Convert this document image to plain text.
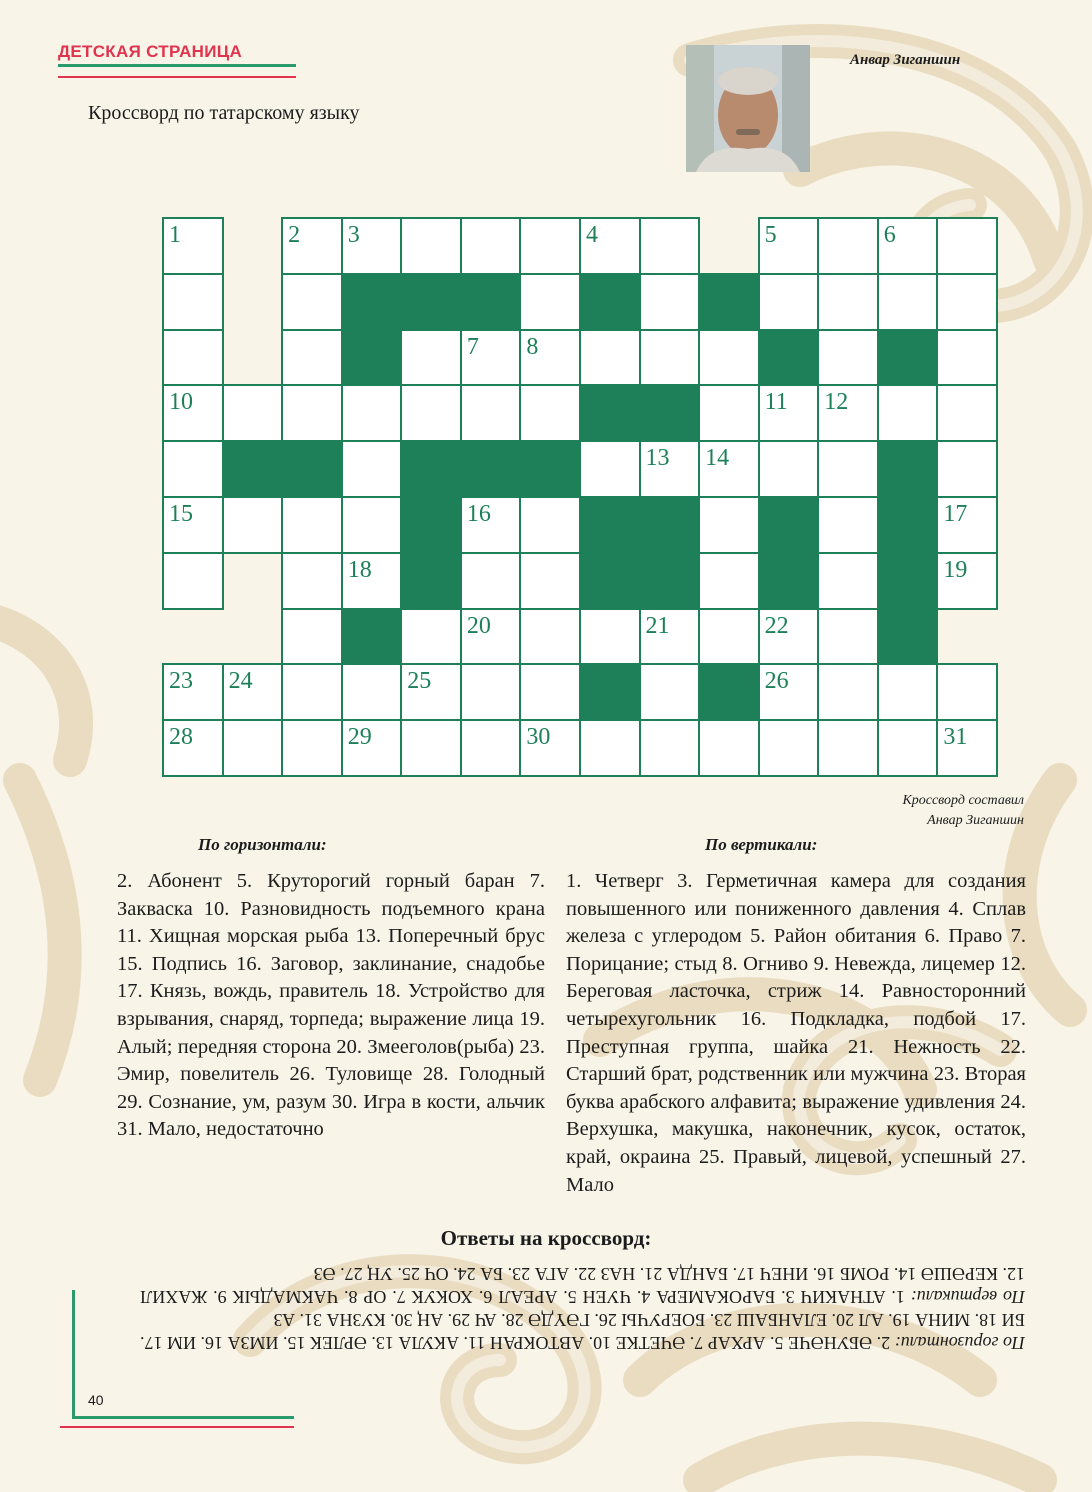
ДЕТСКАЯ СТРАНИЦА
Кроссворд по татарскому языку
Анвар Зиганшин
1		2	3				4			5		6	

					7	8							

10										11	12		

								13	14				

15					16								17

			18										19

					20			21		22			

23	24			25						26			

28			29			30							31
Кроссворд составил
Анвар Зиганшин
По горизонтали:	По вертикали:
2. Абонент 5. Круторогий горный баран 7. Закваска 10. Разновидность подъемного крана 11. Хищная морская рыба 13. Поперечный брус 15. Подпись 16. Заговор, заклинание, снадобье 17. Князь, вождь, правитель 18. Устройство для взрывания, снаряд, торпеда; выражение лица 19. Алый; передняя сторона 20. Змееголов(рыба) 23. Эмир, повелитель 26. Туловище 28. Голодный 29. Сознание, ум, разум 30. Игра в кости, альчик 31. Мало, недостаточно
1. Четверг 3. Герметичная камера для создания повышенного или пониженного давления 4. Сплав железа с углеродом 5. Район обитания 6. Право 7. Порицание; стыд 8. Огниво 9. Невежда, лицемер 12. Береговая ласточка, стриж 14. Равносторонний четырехугольник 16. Подкладка, подбой 17. Преступная группа, шайка 21. Нежность 22. Старший брат, родственник или мужчина 23. Вторая буква арабского алфавита; выражение удивления 24. Верхушка, макушка, наконечник, кусок, остаток, край, окраина 25. Правый, лицевой, успешный 27. Мало
Ответы на кроссворд:

По горизонтали: 2. ӘБУНӘЧЕ 5. АРХАР 7. ӘЧЕТКЕ 10. АВТОКРАН 11. АКУЛА 13. ӘРЛЕК 15. ИМЗА 16. ИМ 17. БИ 18. МИНА 19. АЛ 20. ЕЛАНБАШ 23. БОЕРУЧЫ 26. ГӘҮДӘ 28. АЧ 29. АҢ 30. КУЗНА 31. АЗ

По вертикали: 1. АТНАКИЧ 3. БАРОКАМЕРА 4. ЧУЕН 5. АРЕАЛ 6. ХОКУК 7. ОР 8. ЧАКМАДЫК 9. ЖАХИЛ 12. КЕРӘШӘ 14. РОМБ 16. ИНЕЧ 17. БАНДА 21. НАЗ 22. АГА 23. БА 24. ОЧ 25. УҢ 27. ӘЗ

40
